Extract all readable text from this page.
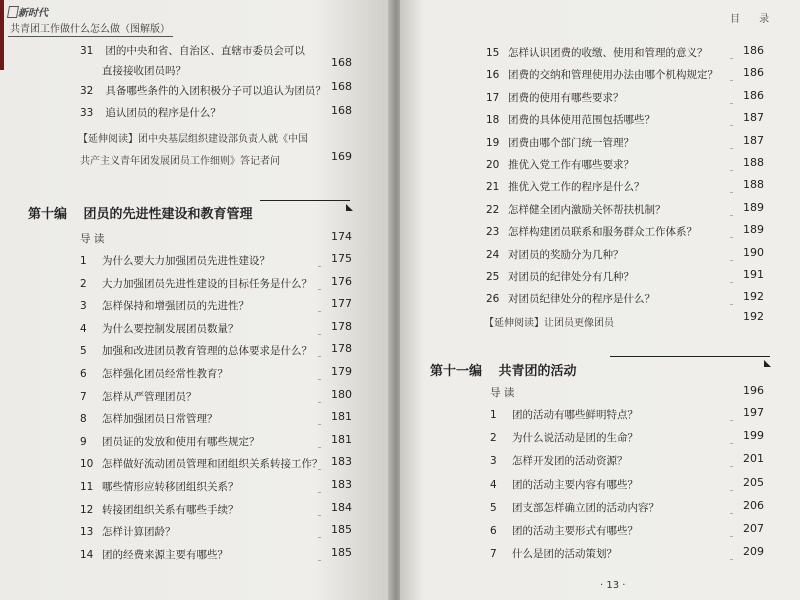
新时代
共青团工作做什么怎么做（图解版）
31 团的中央和省、自治区、直辖市委员会可以
直接接收团员吗？
168
32 具备哪些条件的入团积极分子可以追认为团员？ 168
33 追认团员的程序是什么？	168
【延伸阅读】团中央基层组织建设部负责人就《中国
共产主义青年团发展团员工作细则》答记者问	169
第十编 团员的先进性建设和教育管理
导 读	174
1 为什么要大力加强团员先进性建设？	175
2 大力加强团员先进性建设的目标任务是什么？	176
3 怎样保持和增强团员的先进性？	177
4 为什么要控制发展团员数量？	178
5 加强和改进团员教育管理的总体要求是什么？	178
6 怎样强化团员经常性教育？	179
7 怎样从严管理团员？	180
8 怎样加强团员日常管理？	181
9 团员证的发放和使用有哪些规定？	181
10 怎样做好流动团员管理和团组织关系转接工作？ 183
11 哪些情形应转移团组织关系？	183
12 转接团组织关系有哪些手续？	184
13 怎样计算团龄？	185
14 团的经费来源主要有哪些？	185
目 录
15 怎样认识团费的收缴、使用和管理的意义？	186
16 团费的交纳和管理使用办法由哪个机构规定？	186
17 团费的使用有哪些要求？	186
18 团费的具体使用范围包括哪些？	187
19 团费由哪个部门统一管理？	187
20 推优入党工作有哪些要求？	188
21 推优入党工作的程序是什么？	188
22 怎样健全团内激励关怀帮扶机制？	189
23 怎样构建团员联系和服务群众工作体系？	189
24 对团员的奖励分为几种？	190
25 对团员的纪律处分有几种？	191
26 对团员纪律处分的程序是什么？	192
【延伸阅读】让团员更像团员
192
第十一编 共青团的活动
导 读	196
1 团的活动有哪些鲜明特点？	197
2 为什么说活动是团的生命？	199
3 怎样开发团的活动资源？	201
4 团的活动主要内容有哪些？	205
5 团支部怎样确立团的活动内容？	206
6 团的活动主要形式有哪些？	207
7 什么是团的活动策划？	209
· 13 ·
